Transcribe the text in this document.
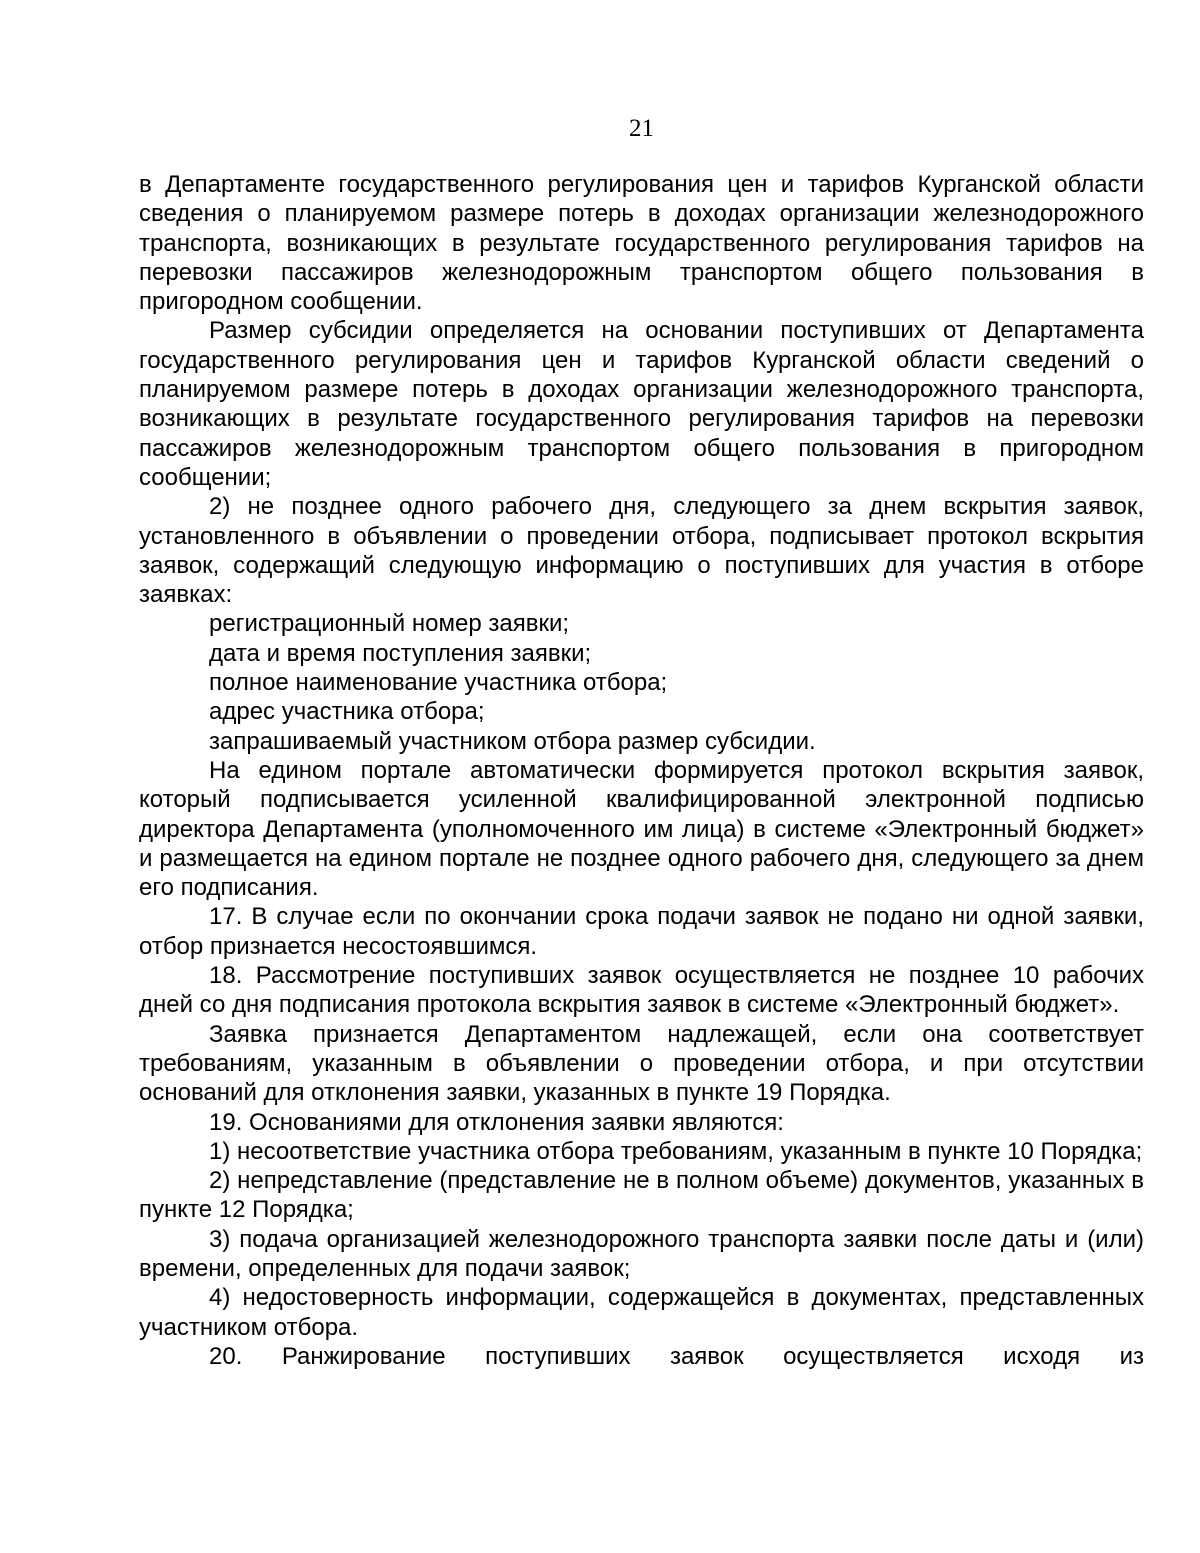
21

в Департаменте государственного регулирования цен и тарифов Курганской области сведения о планируемом размере потерь в доходах организации железнодорожного транспорта, возникающих в результате государственного регулирования тарифов на перевозки пассажиров железнодорожным транспортом общего пользования в пригородном сообщении.

Размер субсидии определяется на основании поступивших от Департамента государственного регулирования цен и тарифов Курганской области сведений о планируемом размере потерь в доходах организации железнодорожного транспорта, возникающих в результате государственного регулирования тарифов на перевозки пассажиров железнодорожным транспортом общего пользования в пригородном сообщении;

2) не позднее одного рабочего дня, следующего за днем вскрытия заявок, установленного в объявлении о проведении отбора, подписывает протокол вскрытия заявок, содержащий следующую информацию о поступивших для участия в отборе заявках:

регистрационный номер заявки;

дата и время поступления заявки;

полное наименование участника отбора;

адрес участника отбора;

запрашиваемый участником отбора размер субсидии.

На едином портале автоматически формируется протокол вскрытия заявок, который подписывается усиленной квалифицированной электронной подписью директора Департамента (уполномоченного им лица) в системе «Электронный бюджет» и размещается на едином портале не позднее одного рабочего дня, следующего за днем его подписания.

17. В случае если по окончании срока подачи заявок не подано ни одной заявки, отбор признается несостоявшимся.

18. Рассмотрение поступивших заявок осуществляется не позднее 10 рабочих дней со дня подписания протокола вскрытия заявок в системе «Электронный бюджет».

Заявка признается Департаментом надлежащей, если она соответствует требованиям, указанным в объявлении о проведении отбора, и при отсутствии оснований для отклонения заявки, указанных в пункте 19 Порядка.

19. Основаниями для отклонения заявки являются:

1) несоответствие участника отбора требованиям, указанным в пункте 10 Порядка;

2) непредставление (представление не в полном объеме) документов, указанных в пункте 12 Порядка;

3) подача организацией железнодорожного транспорта заявки после даты и (или) времени, определенных для подачи заявок;

4) недостоверность информации, содержащейся в документах, представленных участником отбора.

20. Ранжирование поступивших заявок осуществляется исходя из
